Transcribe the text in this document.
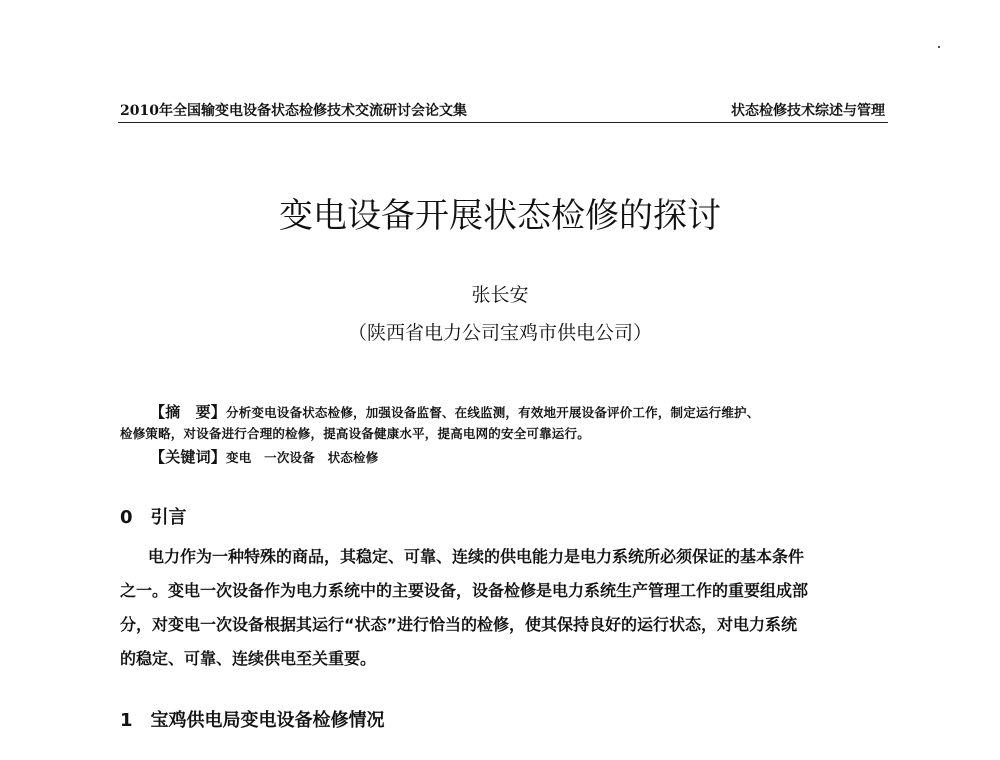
2010年全国输变电设备状态检修技术交流研讨会论文集	状态检修技术综述与管理
变电设备开展状态检修的探讨
张长安
（陕西省电力公司宝鸡市供电公司）
【摘　要】分析变电设备状态检修，加强设备监督、在线监测，有效地开展设备评价工作，制定运行维护、
检修策略，对设备进行合理的检修，提高设备健康水平，提高电网的安全可靠运行。
【关键词】变电　一次设备　状态检修
0　引言
电力作为一种特殊的商品，其稳定、可靠、连续的供电能力是电力系统所必须保证的基本条件
之一。变电一次设备作为电力系统中的主要设备，设备检修是电力系统生产管理工作的重要组成部
分，对变电一次设备根据其运行“状态”进行恰当的检修，使其保持良好的运行状态，对电力系统
的稳定、可靠、连续供电至关重要。
1　宝鸡供电局变电设备检修情况
